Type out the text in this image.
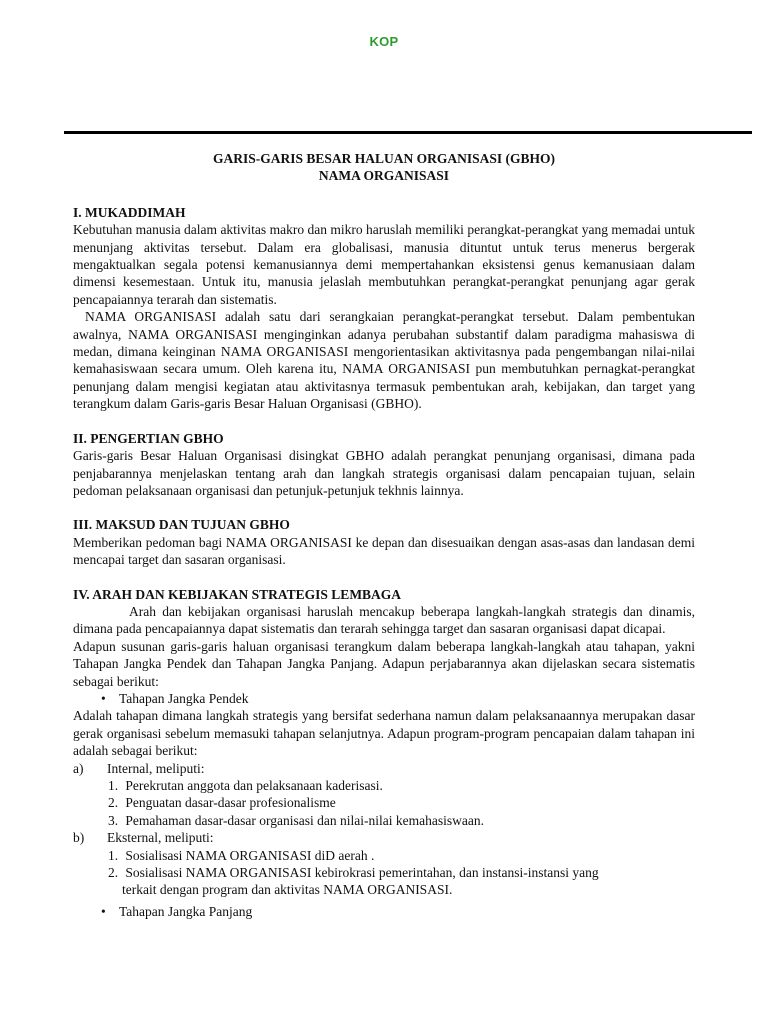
KOP
GARIS-GARIS BESAR HALUAN ORGANISASI (GBHO)
NAMA ORGANISASI
I. MUKADDIMAH

Kebutuhan manusia dalam aktivitas makro dan mikro haruslah memiliki perangkat-perangkat yang memadai untuk menunjang aktivitas tersebut. Dalam era globalisasi, manusia dituntut untuk terus menerus bergerak mengaktualkan segala potensi kemanusiannya demi mempertahankan eksistensi genus kemanusiaan dalam dimensi kesemestaan. Untuk itu, manusia jelaslah membutuhkan perangkat-perangkat penunjang agar gerak pencapaiannya terarah dan sistematis.

NAMA ORGANISASI adalah satu dari serangkaian perangkat-perangkat tersebut. Dalam pembentukan awalnya, NAMA ORGANISASI menginginkan adanya perubahan substantif dalam paradigma mahasiswa di medan, dimana keinginan NAMA ORGANISASI mengorientasikan aktivitasnya pada pengembangan nilai-nilai kemahasiswaan secara umum. Oleh karena itu, NAMA ORGANISASI pun membutuhkan pernagkat-perangkat penunjang dalam mengisi kegiatan atau aktivitasnya termasuk pembentukan arah, kebijakan, dan target yang terangkum dalam Garis-garis Besar Haluan Organisasi (GBHO).

II. PENGERTIAN GBHO

Garis-garis Besar Haluan Organisasi disingkat GBHO adalah perangkat penunjang organisasi, dimana pada penjabarannya menjelaskan tentang arah dan langkah strategis organisasi dalam pencapaian tujuan, selain pedoman pelaksanaan organisasi dan petunjuk-petunjuk tekhnis lainnya.

III. MAKSUD DAN TUJUAN GBHO

Memberikan pedoman bagi NAMA ORGANISASI ke depan dan disesuaikan dengan asas-asas dan landasan demi mencapai target dan sasaran organisasi.

IV. ARAH DAN KEBIJAKAN STRATEGIS LEMBAGA

Arah dan kebijakan organisasi haruslah mencakup beberapa langkah-langkah strategis dan dinamis, dimana pada pencapaiannya dapat sistematis dan terarah sehingga target dan sasaran organisasi dapat dicapai.

Adapun susunan garis-garis haluan organisasi terangkum dalam beberapa langkah-langkah atau tahapan, yakni Tahapan Jangka Pendek dan Tahapan Jangka Panjang. Adapun perjabarannya akan dijelaskan secara sistematis sebagai berikut:

• Tahapan Jangka Pendek

Adalah tahapan dimana langkah strategis yang bersifat sederhana namun dalam pelaksanaannya merupakan dasar gerak organisasi sebelum memasuki tahapan selanjutnya. Adapun program-program pencapaian dalam tahapan ini adalah sebagai berikut:

a) Internal, meliputi:
1. Perekrutan anggota dan pelaksanaan kaderisasi.
2. Penguatan dasar-dasar profesionalisme
3. Pemahaman dasar-dasar organisasi dan nilai-nilai kemahasiswaan.
b) Eksternal, meliputi:
1. Sosialisasi NAMA ORGANISASI diD aerah .
2. Sosialisasi NAMA ORGANISASI kebirokrasi pemerintahan, dan instansi-instansi yang
terkait dengan program dan aktivitas NAMA ORGANISASI.
• Tahapan Jangka Panjang
